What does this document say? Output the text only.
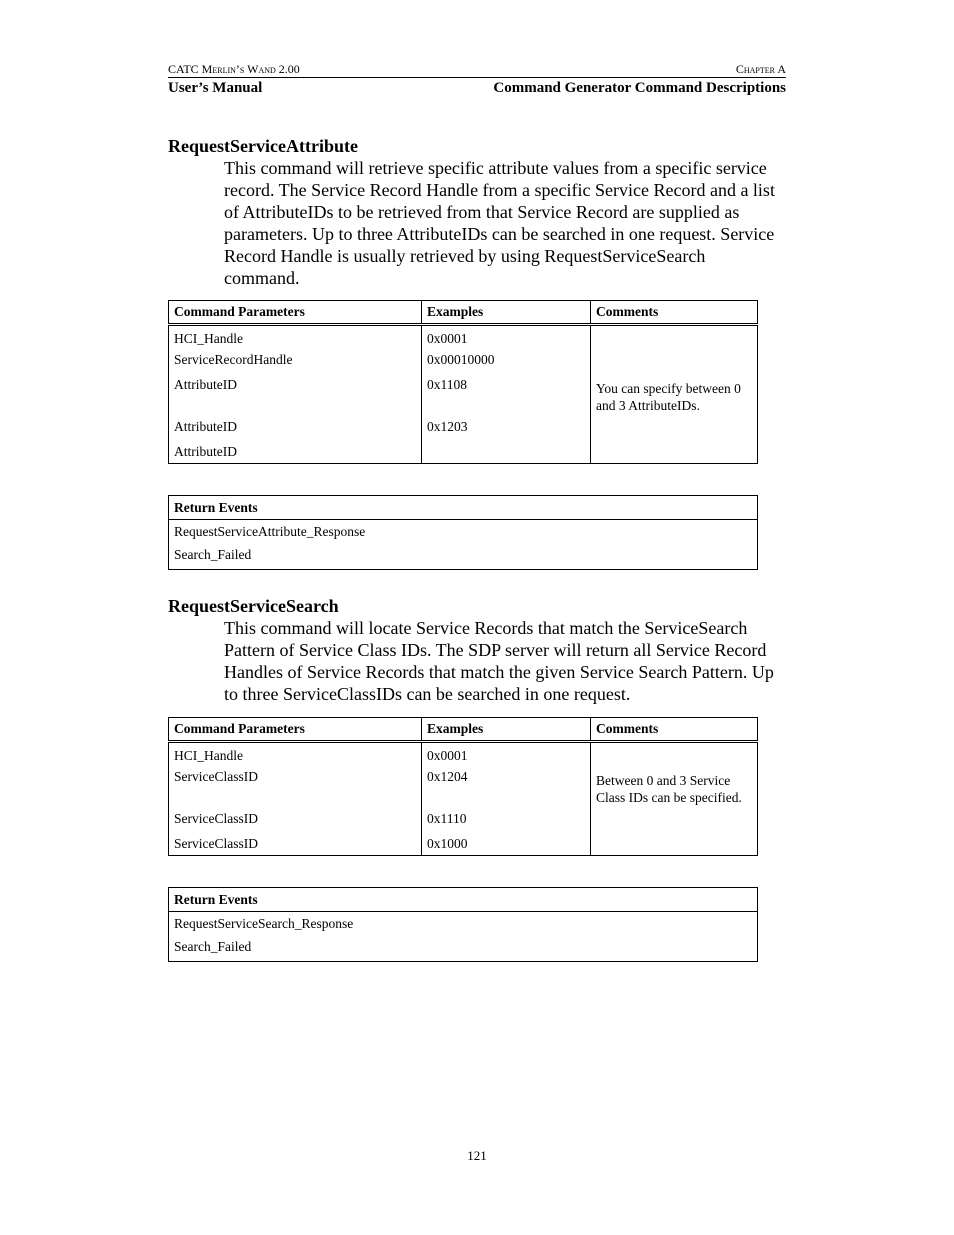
CATC Merlin’s Wand 2.00	Chapter A
User’s Manual	Command Generator Command Descriptions
RequestServiceAttribute
This command will retrieve specific attribute values from a specific service record. The Service Record Handle from a specific Service Record and a list of AttributeIDs to be retrieved from that Service Record are supplied as parameters. Up to three AttributeIDs can be searched in one request. Service Record Handle is usually retrieved by using RequestServiceSearch command.
Command Parameters	Examples	Comments
HCI_Handle	0x0001	You can specify between 0 and 3 AttributeIDs.
ServiceRecordHandle	0x00010000	
AttributeID	0x1108	
AttributeID	0x1203	
AttributeID		
Return Events
RequestServiceAttribute_Response
Search_Failed
RequestServiceSearch
This command will locate Service Records that match the ServiceSearch Pattern of Service Class IDs. The SDP server will return all Service Record Handles of Service Records that match the given Service Search Pattern. Up to three ServiceClassIDs can be searched in one request.
Command Parameters	Examples	Comments
HCI_Handle	0x0001	Between 0 and 3 Service Class IDs can be specified.
ServiceClassID	0x1204	
ServiceClassID	0x1110	
ServiceClassID	0x1000	
Return Events
RequestServiceSearch_Response
Search_Failed
121
